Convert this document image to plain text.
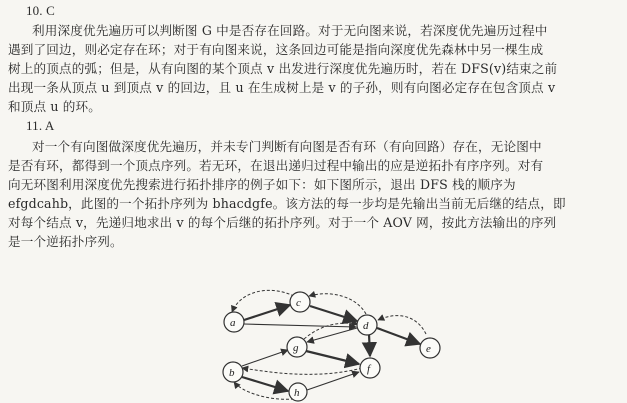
10. C
利用深度优先遍历可以判断图 G 中是否存在回路。对于无向图来说，若深度优先遍历过程中
遇到了回边，则必定存在环；对于有向图来说，这条回边可能是指向深度优先森林中另一棵生成
树上的顶点的弧；但是，从有向图的某个顶点 v 出发进行深度优先遍历时，若在 DFS(v)结束之前
出现一条从顶点 u 到顶点 v 的回边，且 u 在生成树上是 v 的子孙，则有向图必定存在包含顶点 v
和顶点 u 的环。
11. A
对一个有向图做深度优先遍历，并未专门判断有向图是否有环（有向回路）存在，无论图中
是否有环，都得到一个顶点序列。若无环，在退出递归过程中输出的应是逆拓扑有序序列。对有
向无环图利用深度优先搜索进行拓扑排序的例子如下：如下图所示，退出 DFS 栈的顺序为
efgdcahb，此图的一个拓扑序列为 bhacdgfe。该方法的每一步均是先输出当前无后继的结点，即
对每个结点 v，先递归地求出 v 的每个后继的拓扑序列。对于一个 AOV 网，按此方法输出的序列
是一个逆拓扑序列。
a
c
d
e
g
f
b
h
